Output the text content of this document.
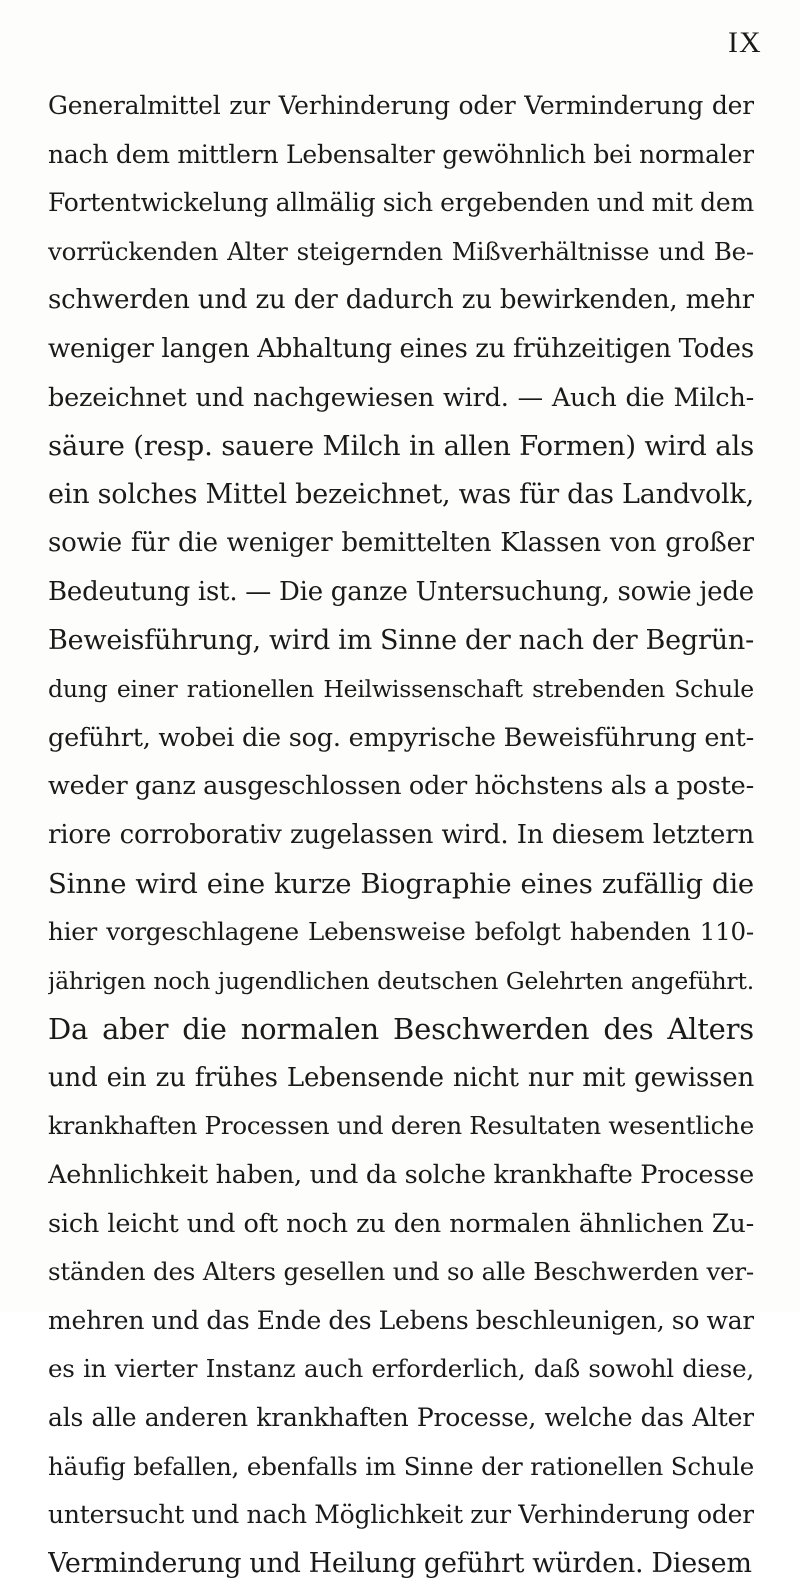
IX
Generalmittel zur Verhinderung oder Verminderung der
nach dem mittlern Lebensalter gewöhnlich bei normaler
Fortentwickelung allmälig sich ergebenden und mit dem
vorrückenden Alter steigernden Mißverhältnisse und Be-
schwerden und zu der dadurch zu bewirkenden, mehr
weniger langen Abhaltung eines zu frühzeitigen Todes
bezeichnet und nachgewiesen wird. — Auch die Milch-
säure (resp. sauere Milch in allen Formen) wird als
ein solches Mittel bezeichnet, was für das Landvolk,
sowie für die weniger bemittelten Klassen von großer
Bedeutung ist. — Die ganze Untersuchung, sowie jede
Beweisführung, wird im Sinne der nach der Begrün-
dung einer rationellen Heilwissenschaft strebenden Schule
geführt, wobei die sog. empyrische Beweisführung ent-
weder ganz ausgeschlossen oder höchstens als a poste-
riore corroborativ zugelassen wird. In diesem letztern
Sinne wird eine kurze Biographie eines zufällig die
hier vorgeschlagene Lebensweise befolgt habenden 110-
jährigen noch jugendlichen deutschen Gelehrten angeführt.
Da aber die normalen Beschwerden des Alters
und ein zu frühes Lebensende nicht nur mit gewissen
krankhaften Processen und deren Resultaten wesentliche
Aehnlichkeit haben, und da solche krankhafte Processe
sich leicht und oft noch zu den normalen ähnlichen Zu-
ständen des Alters gesellen und so alle Beschwerden ver-
mehren und das Ende des Lebens beschleunigen, so war
es in vierter Instanz auch erforderlich, daß sowohl diese,
als alle anderen krankhaften Processe, welche das Alter
häufig befallen, ebenfalls im Sinne der rationellen Schule
untersucht und nach Möglichkeit zur Verhinderung oder
Verminderung und Heilung geführt würden. Diesem
